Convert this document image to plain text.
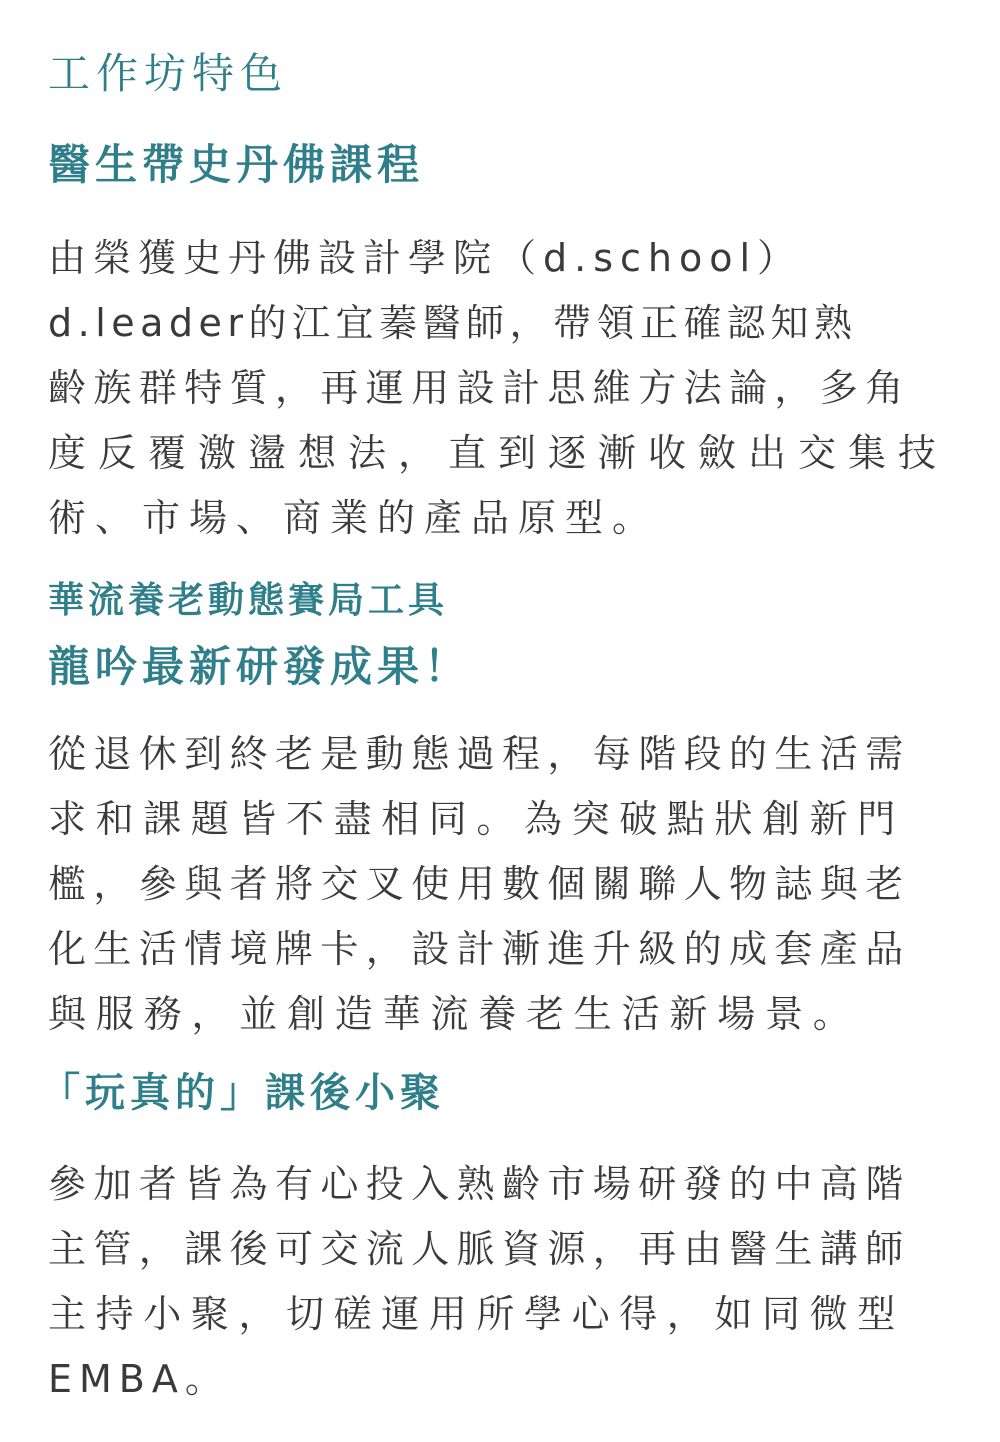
工作坊特色
醫生帶史丹佛課程
由榮獲史丹佛設計學院（d.school）
d.leader的江宜蓁醫師，帶領正確認知熟
齡族群特質，再運用設計思維方法論，多角
度反覆激盪想法，直到逐漸收斂出交集技
術、市場、商業的產品原型。
華流養老動態賽局工具
龍吟最新研發成果！
從退休到終老是動態過程，每階段的生活需
求和課題皆不盡相同。為突破點狀創新門
檻，參與者將交叉使用數個關聯人物誌與老
化生活情境牌卡，設計漸進升級的成套產品
與服務，並創造華流養老生活新場景。
「玩真的」課後小聚
參加者皆為有心投入熟齡市場研發的中高階
主管，課後可交流人脈資源，再由醫生講師
主持小聚，切磋運用所學心得，如同微型
EMBA。
